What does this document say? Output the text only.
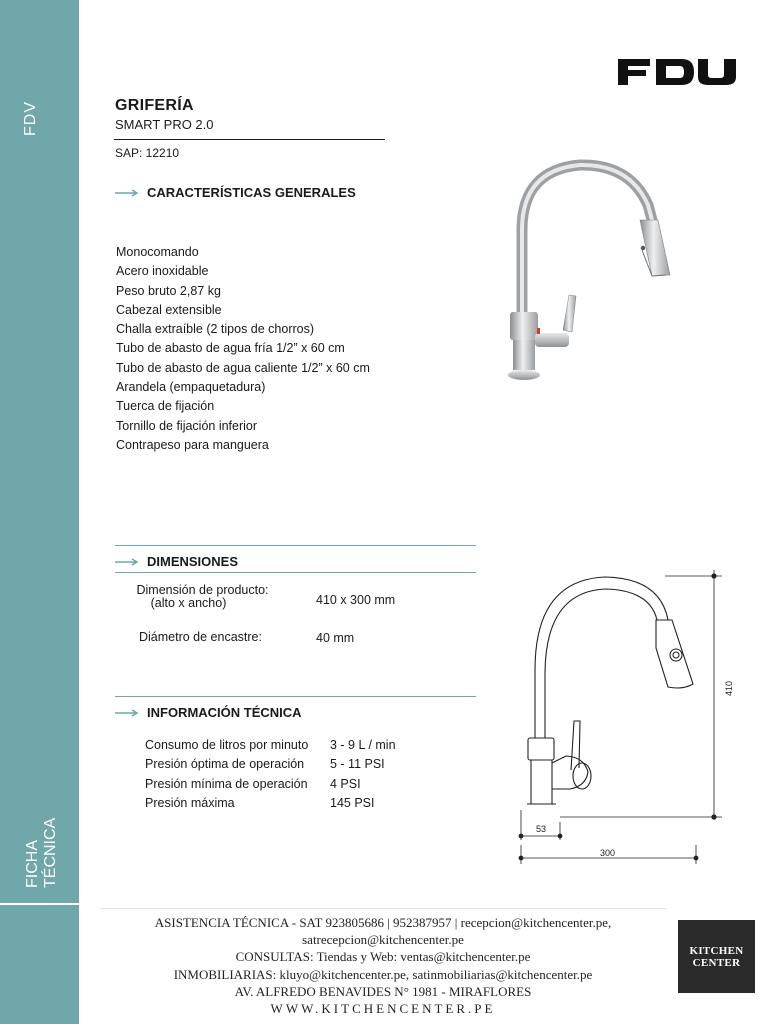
FDV
FICHA TÉCNICA
GRIFERÍA
SMART PRO 2.0
SAP: 12210
CARACTERÍSTICAS GENERALES
Monocomando
Acero inoxidable
Peso bruto 2,87 kg
Cabezal extensible
Challa extraíble (2 tipos de chorros)
Tubo de abasto de agua fría 1/2” x 60 cm
Tubo de abasto de agua caliente 1/2” x 60 cm
Arandela (empaquetadura)
Tuerca de fijación
Tornillo de fijación inferior
Contrapeso para manguera
DIMENSIONES
Dimensión de producto:
(alto x ancho)	410 x 300 mm
Diámetro de encastre:	40 mm
INFORMACIÓN TÉCNICA
Consumo de litros por minuto 3 - 9 L / min
Presión óptima de operación 5 - 11 PSI
Presión mínima de operación 4 PSI
Presión máxima	145 PSI
410
53
300
ASISTENCIA TÉCNICA - SAT 923805686 | 952387957 | recepcion@kitchencenter.pe,
satrecepcion@kitchencenter.pe
CONSULTAS: Tiendas y Web: ventas@kitchencenter.pe
INMOBILIARIAS: kluyo@kitchencenter.pe, satinmobiliarias@kitchencenter.pe
AV. ALFREDO BENAVIDES N° 1981 - MIRAFLORES
WWW.KITCHENCENTER.PE
KITCHEN
CENTER
